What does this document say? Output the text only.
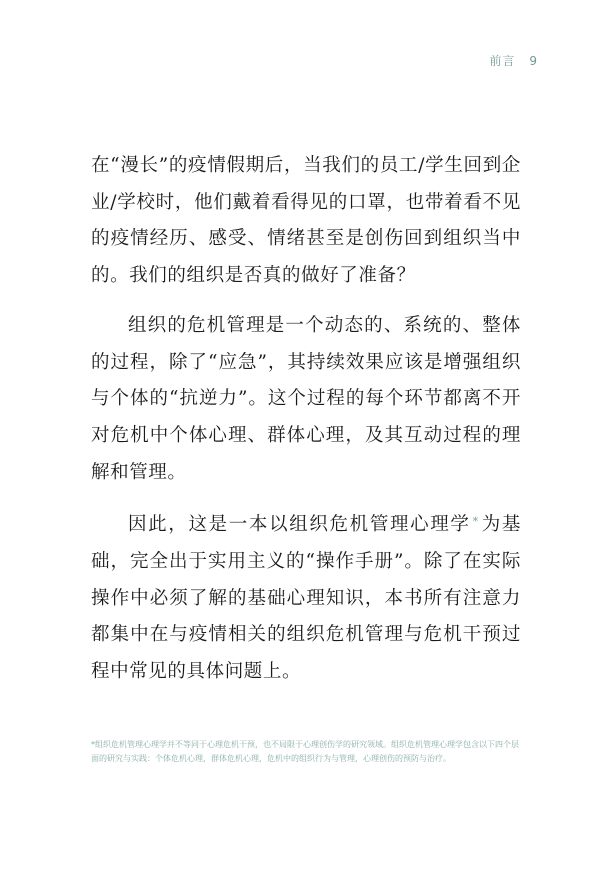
前言 9

在“漫长”的疫情假期后，当我们的员工/学生回到企业/学校时，他们戴着看得见的口罩，也带着看不见的疫情经历、感受、情绪甚至是创伤回到组织当中的。我们的组织是否真的做好了准备？

组织的危机管理是一个动态的、系统的、整体的过程，除了“应急”，其持续效果应该是增强组织与个体的“抗逆力”。这个过程的每个环节都离不开对危机中个体心理、群体心理，及其互动过程的理解和管理。

因此，这是一本以组织危机管理心理学 * 为基础，完全出于实用主义的“操作手册”。除了在实际操作中必须了解的基础心理知识，本书所有注意力都集中在与疫情相关的组织危机管理与危机干预过程中常见的具体问题上。

*组织危机管理心理学并不等同于心理危机干预，也不局限于心理创伤学的研究领域。组织危机管理心理学包含以下四个层面的研究与实践：个体危机心理，群体危机心理，危机中的组织行为与管理，心理创伤的预防与治疗。
